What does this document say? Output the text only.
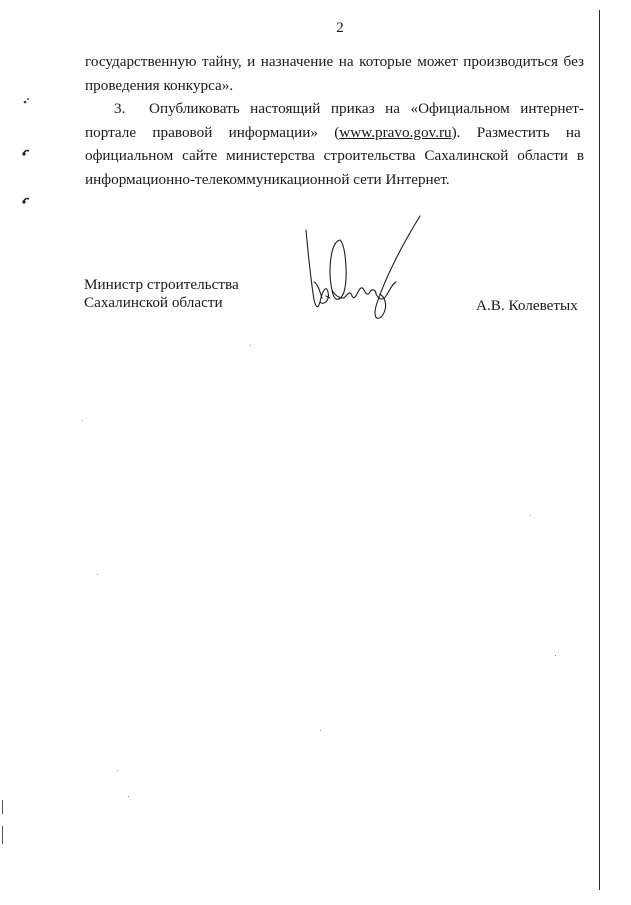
2
государственную тайну, и назначение на которые может производиться без
проведения конкурса».
3. Опубликовать настоящий приказ на «Официальном интернет-
портале правовой информации» (www.pravo.gov.ru). Разместить на
официальном сайте министерства строительства Сахалинской области в
информационно-телекоммуникационной сети Интернет.
Министр строительства
Сахалинской области	А.В. Колеветых
